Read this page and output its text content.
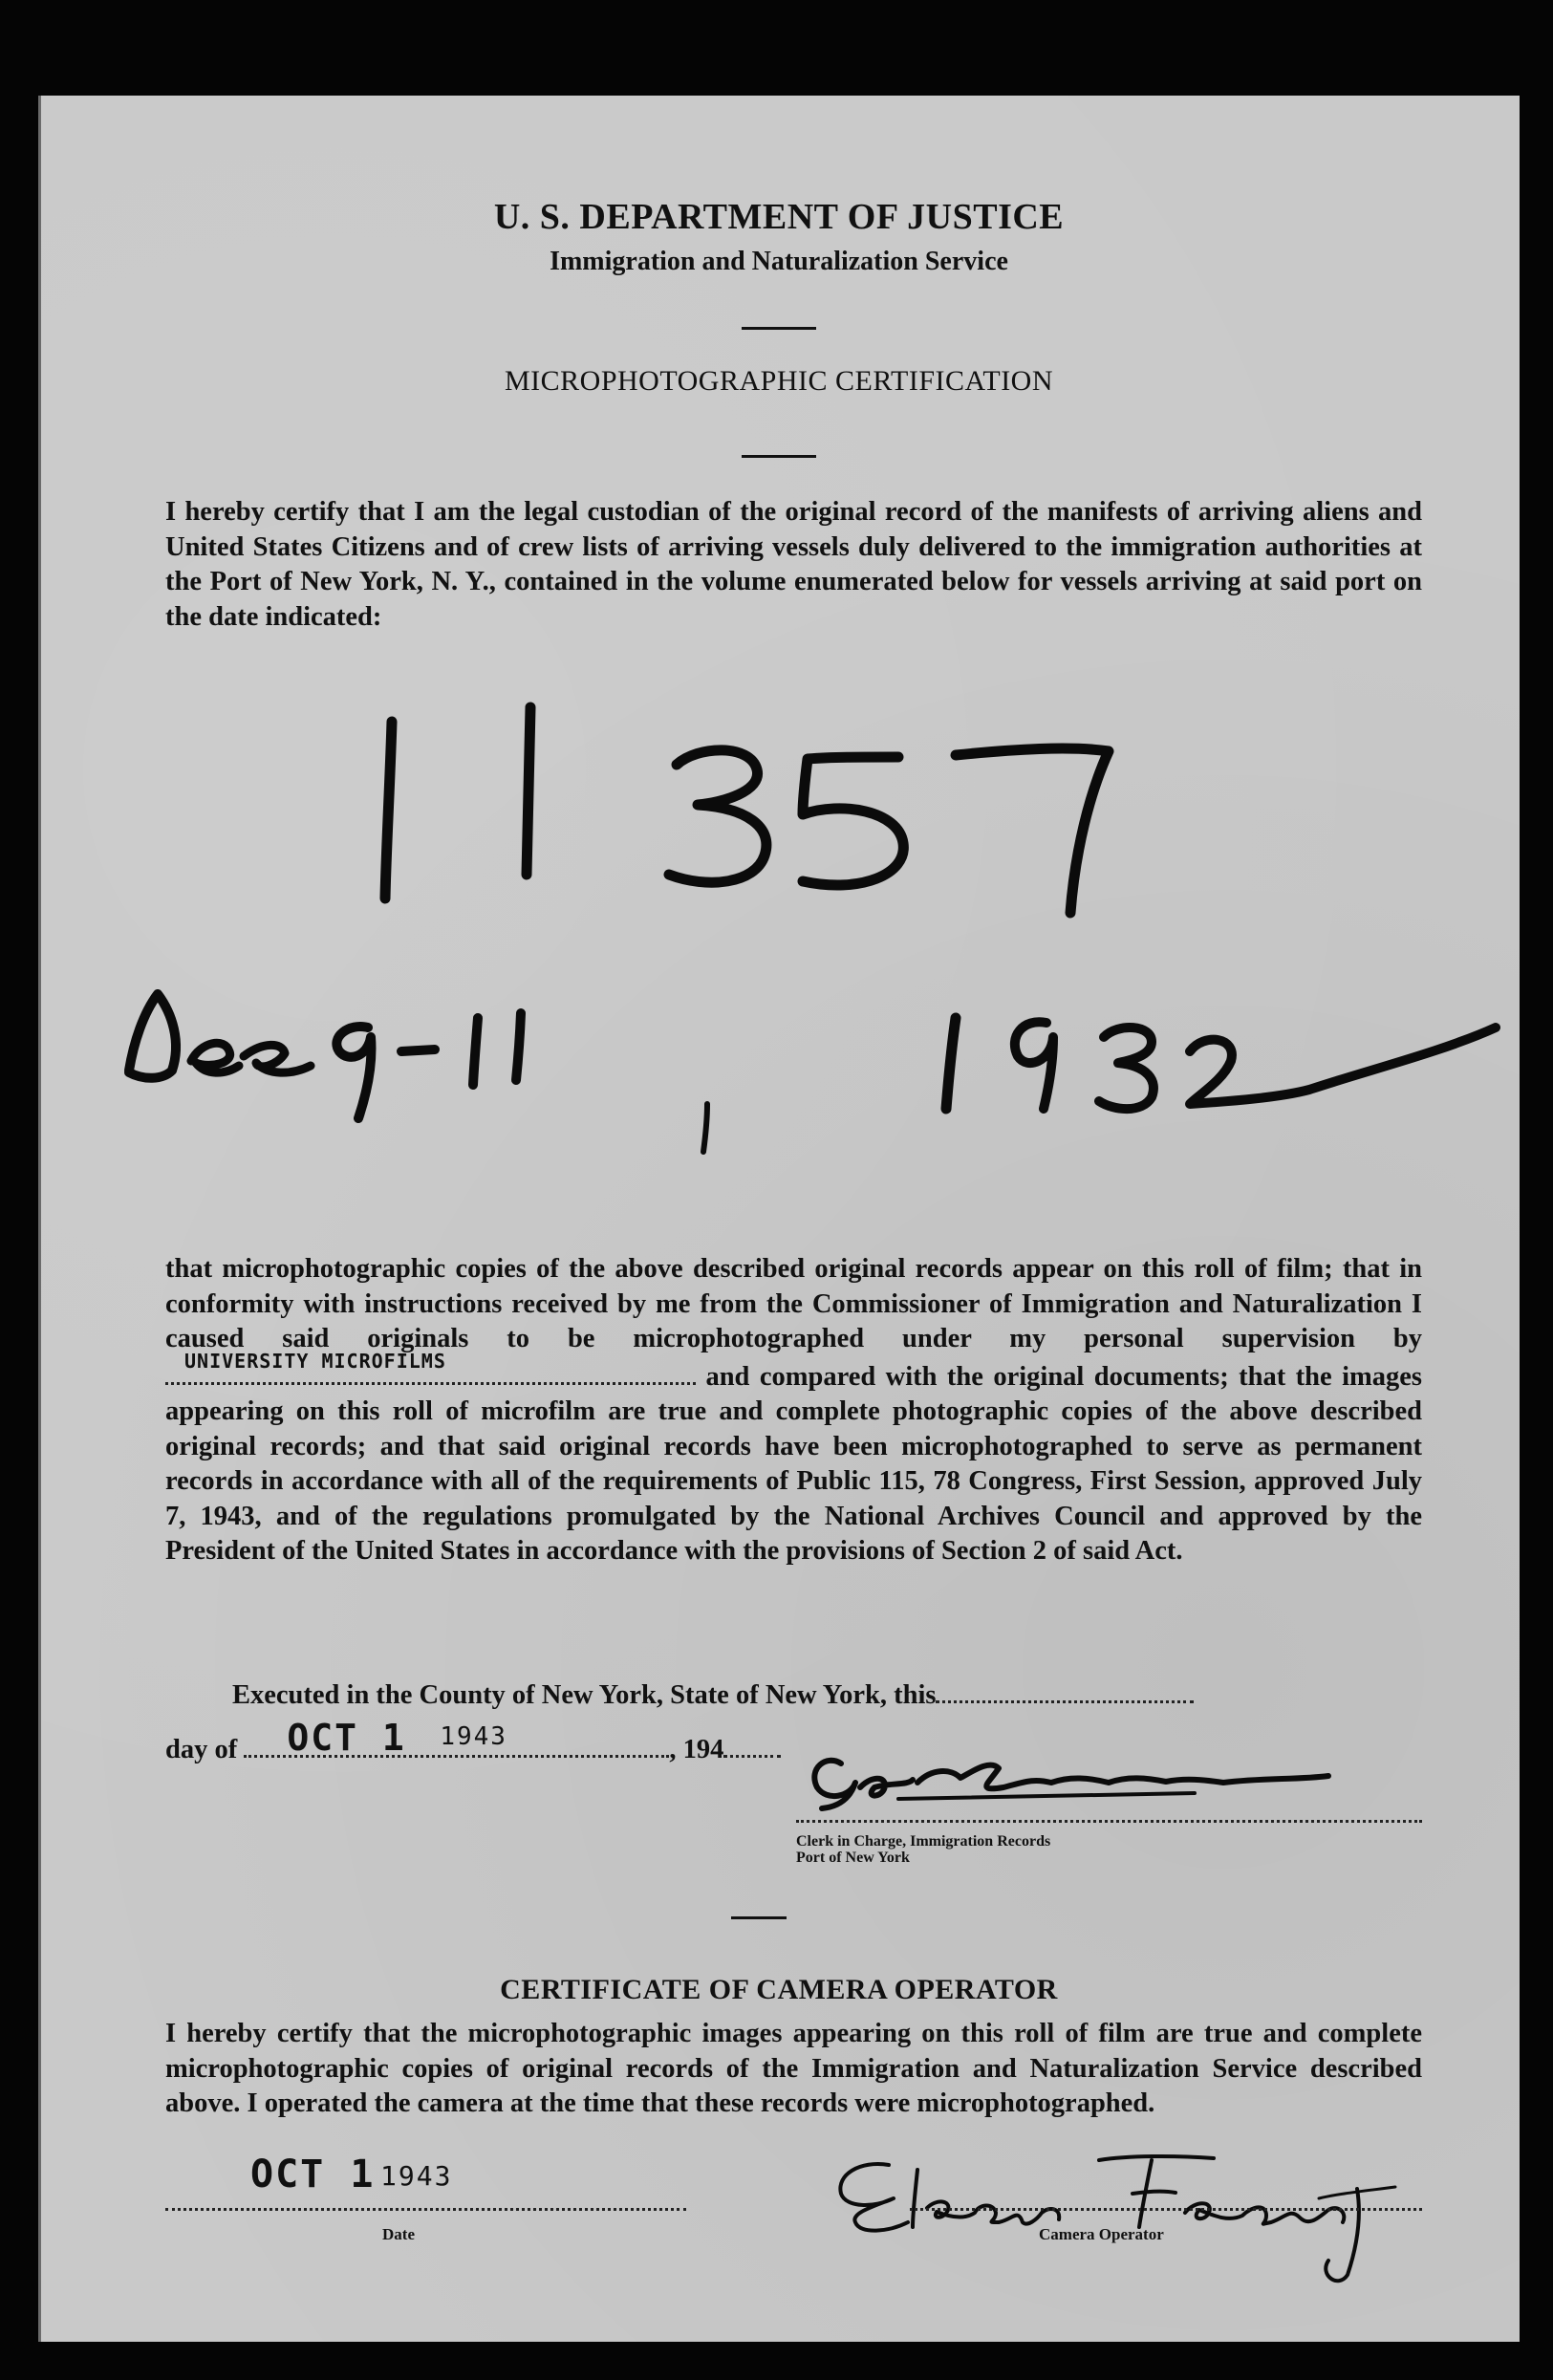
U. S. DEPARTMENT OF JUSTICE
Immigration and Naturalization Service
MICROPHOTOGRAPHIC CERTIFICATION
I hereby certify that I am the legal custodian of the original record of the manifests of arriving aliens and United States Citizens and of crew lists of arriving vessels duly delivered to the immigration authorities at the Port of New York, N. Y., contained in the volume enumerated below for vessels arriving at said port on the date indicated:
that microphotographic copies of the above described original records appear on this roll of film; that in conformity with instructions received by me from the Commissioner of Immigration and Naturalization I caused said originals to be microphotographed under my personal supervision by
UNIVERSITY MICROFILMS
and compared with the original documents; that the images appearing on this roll of microfilm are true and complete photographic copies of the above described original records; and that said original records have been microphotographed to serve as permanent records in accordance with all of the requirements of Public 115, 78 Congress, First Session, approved July 7, 1943, and of the regulations promulgated by the National Archives Council and approved by the President of the United States in accordance with the provisions of Section 2 of said Act.
Executed in the County of New York, State of New York, this
day of OCT 1 1943	, 194
Clerk in Charge, Immigration Records
Port of New York
CERTIFICATE OF CAMERA OPERATOR
I hereby certify that the microphotographic images appearing on this roll of film are true and complete microphotographic copies of original records of the Immigration and Naturalization Service described above. I operated the camera at the time that these records were microphotographed.
OCT 1 1943
Date	Camera Operator
